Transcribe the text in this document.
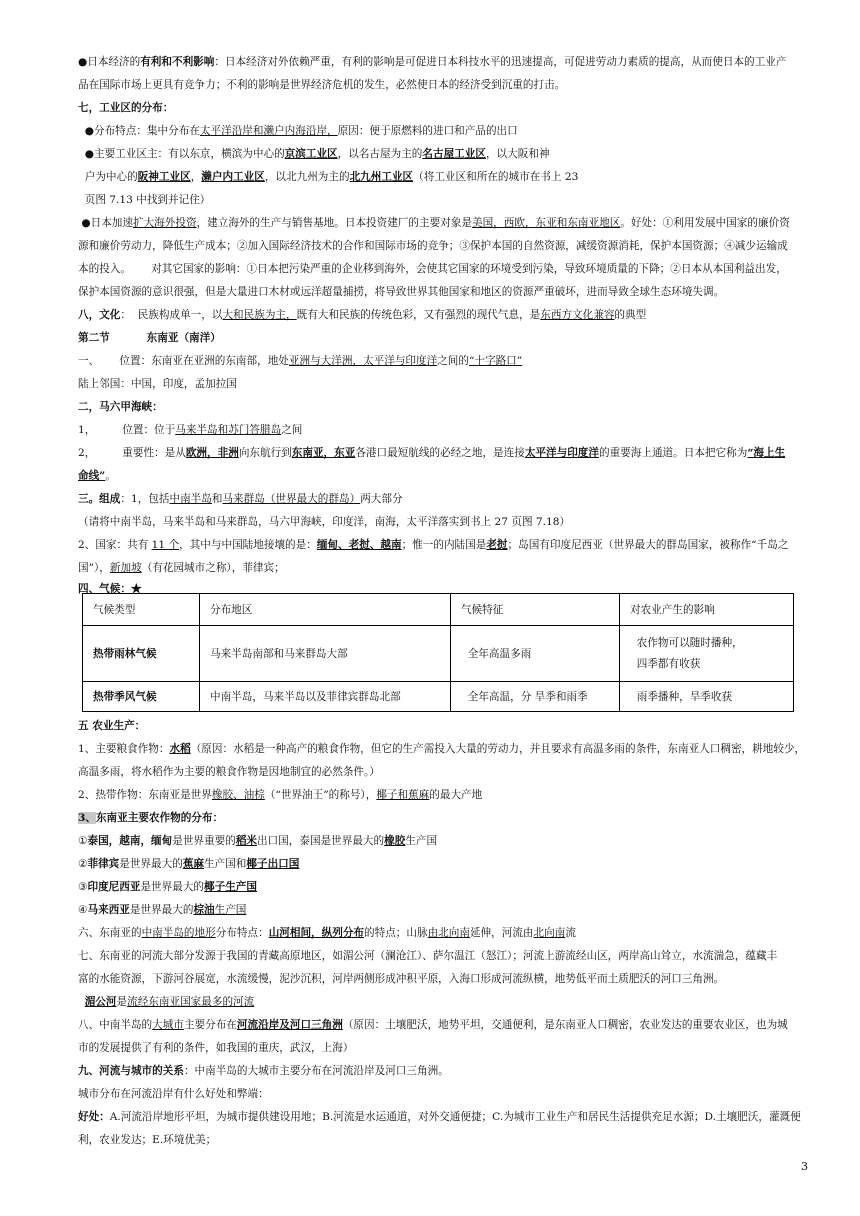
●日本经济的有利和不利影响：日本经济对外依赖严重，有利的影响是可促进日本科技水平的迅速提高，可促进劳动力素质的提高，从而使日本的工业产
品在国际市场上更具有竞争力；不利的影响是世界经济危机的发生，必然使日本的经济受到沉重的打击。
七，工业区的分布：
●分布特点：集中分布在太平洋沿岸和濑户内海沿岸，原因：便于原燃料的进口和产品的出口
●主要工业区主：有以东京，横滨为中心的京滨工业区，以名古屋为主的名古屋工业区，以大阪和神
户为中心的阪神工业区，濑户内工业区，以北九州为主的北九州工业区（将工业区和所在的城市在书上 23
页图 7.13 中找到并记住）
●日本加速扩大海外投资，建立海外的生产与销售基地。日本投资建厂的主要对象是美国，西欧，东亚和东南亚地区。好处：①利用发展中国家的廉价资
源和廉价劳动力，降低生产成本；②加入国际经济技术的合作和国际市场的竞争；③保护本国的自然资源，减缓资源消耗，保护本国资源；④减少运输成
本的投入。      对其它国家的影响：①日本把污染严重的企业移到海外，会使其它国家的环境受到污染，导致环境质量的下降；②日本从本国利益出发，
保护本国资源的意识很强，但是大量进口木材或远洋超量捕捞，将导致世界其他国家和地区的资源严重破坏，进而导致全球生态环境失调。
八，文化：  民族构成单一，以大和民族为主，既有大和民族的传统色彩，又有强烈的现代气息，是东西方文化兼容的典型
第二节          东南亚（南洋）
一、      位置：东南亚在亚洲的东南部，地处亚洲与大洋洲，太平洋与印度洋之间的“十字路口”
陆上邻国：中国，印度，孟加拉国
二，马六甲海峡：
1，        位置：位于马来半岛和苏门答腊岛之间
2，        重要性：是从欧洲，非洲向东航行到东南亚，东亚各港口最短航线的必经之地，是连接太平洋与印度洋的重要海上通道。日本把它称为“海上生
命线”。
三。组成：1，包括中南半岛和马来群岛（世界最大的群岛）两大部分
（请将中南半岛，马来半岛和马来群岛，马六甲海峡，印度洋，南海，太平洋落实到书上 27 页图 7.18）
2、国家：共有 11 个，其中与中国陆地接壤的是：缅甸、老挝、越南；惟一的内陆国是老挝；岛国有印度尼西亚（世界最大的群岛国家，被称作“千岛之
国”），新加坡（有花园城市之称），菲律宾；
四、气候：★
气候类型	分布地区	气候特征	对农业产生的影响
热带雨林气候	马来半岛南部和马来群岛大部	全年高温多雨	农作物可以随时播种，
四季都有收获
热带季风气候	中南半岛，马来半岛以及菲律宾群岛北部	全年高温，分 旱季和雨季	雨季播种，旱季收获
五 农业生产：
1、主要粮食作物：水稻（原因：水稻是一种高产的粮食作物，但它的生产需投入大量的劳动力，并且要求有高温多雨的条件，东南亚人口稠密，耕地较少，
高温多雨，将水稻作为主要的粮食作物是因地制宜的必然条件。）
2、热带作物：东南亚是世界橡胶、油棕（“世界油王”的称号），椰子和蕉麻的最大产地
3、东南亚主要农作物的分布：
①泰国，越南，缅甸是世界重要的稻米出口国，泰国是世界最大的橡胶生产国
②菲律宾是世界最大的蕉麻生产国和椰子出口国
③印度尼西亚是世界最大的椰子生产国
④马来西亚是世界最大的棕油生产国
六、东南亚的中南半岛的地形分布特点：山河相间，纵列分布的特点；山脉由北向南延伸，河流由北向南流
七、东南亚的河流大部分发源于我国的青藏高原地区，如湄公河（澜沧江）、萨尔温江（怒江）；河流上游流经山区，两岸高山耸立，水流湍急，蕴藏丰
富的水能资源，下游河谷展宽，水流缓慢，泥沙沉积，河岸两侧形成冲积平原，入海口形成河流纵横，地势低平而土质肥沃的河口三角洲。
湄公河是流经东南亚国家最多的河流
八、中南半岛的大城市主要分布在河流沿岸及河口三角洲（原因：土壤肥沃，地势平坦，交通便利，是东南亚人口稠密，农业发达的重要农业区，也为城
市的发展提供了有利的条件，如我国的重庆，武汉，上海）
九、河流与城市的关系：中南半岛的大城市主要分布在河流沿岸及河口三角洲。
城市分布在河流沿岸有什么好处和弊端：
好处：A.河流沿岸地形平坦，为城市提供建设用地；B.河流是水运通道，对外交通便捷；C.为城市工业生产和居民生活提供充足水源；D.土壤肥沃，灌溉便
利，农业发达；E.环境优美；
3
